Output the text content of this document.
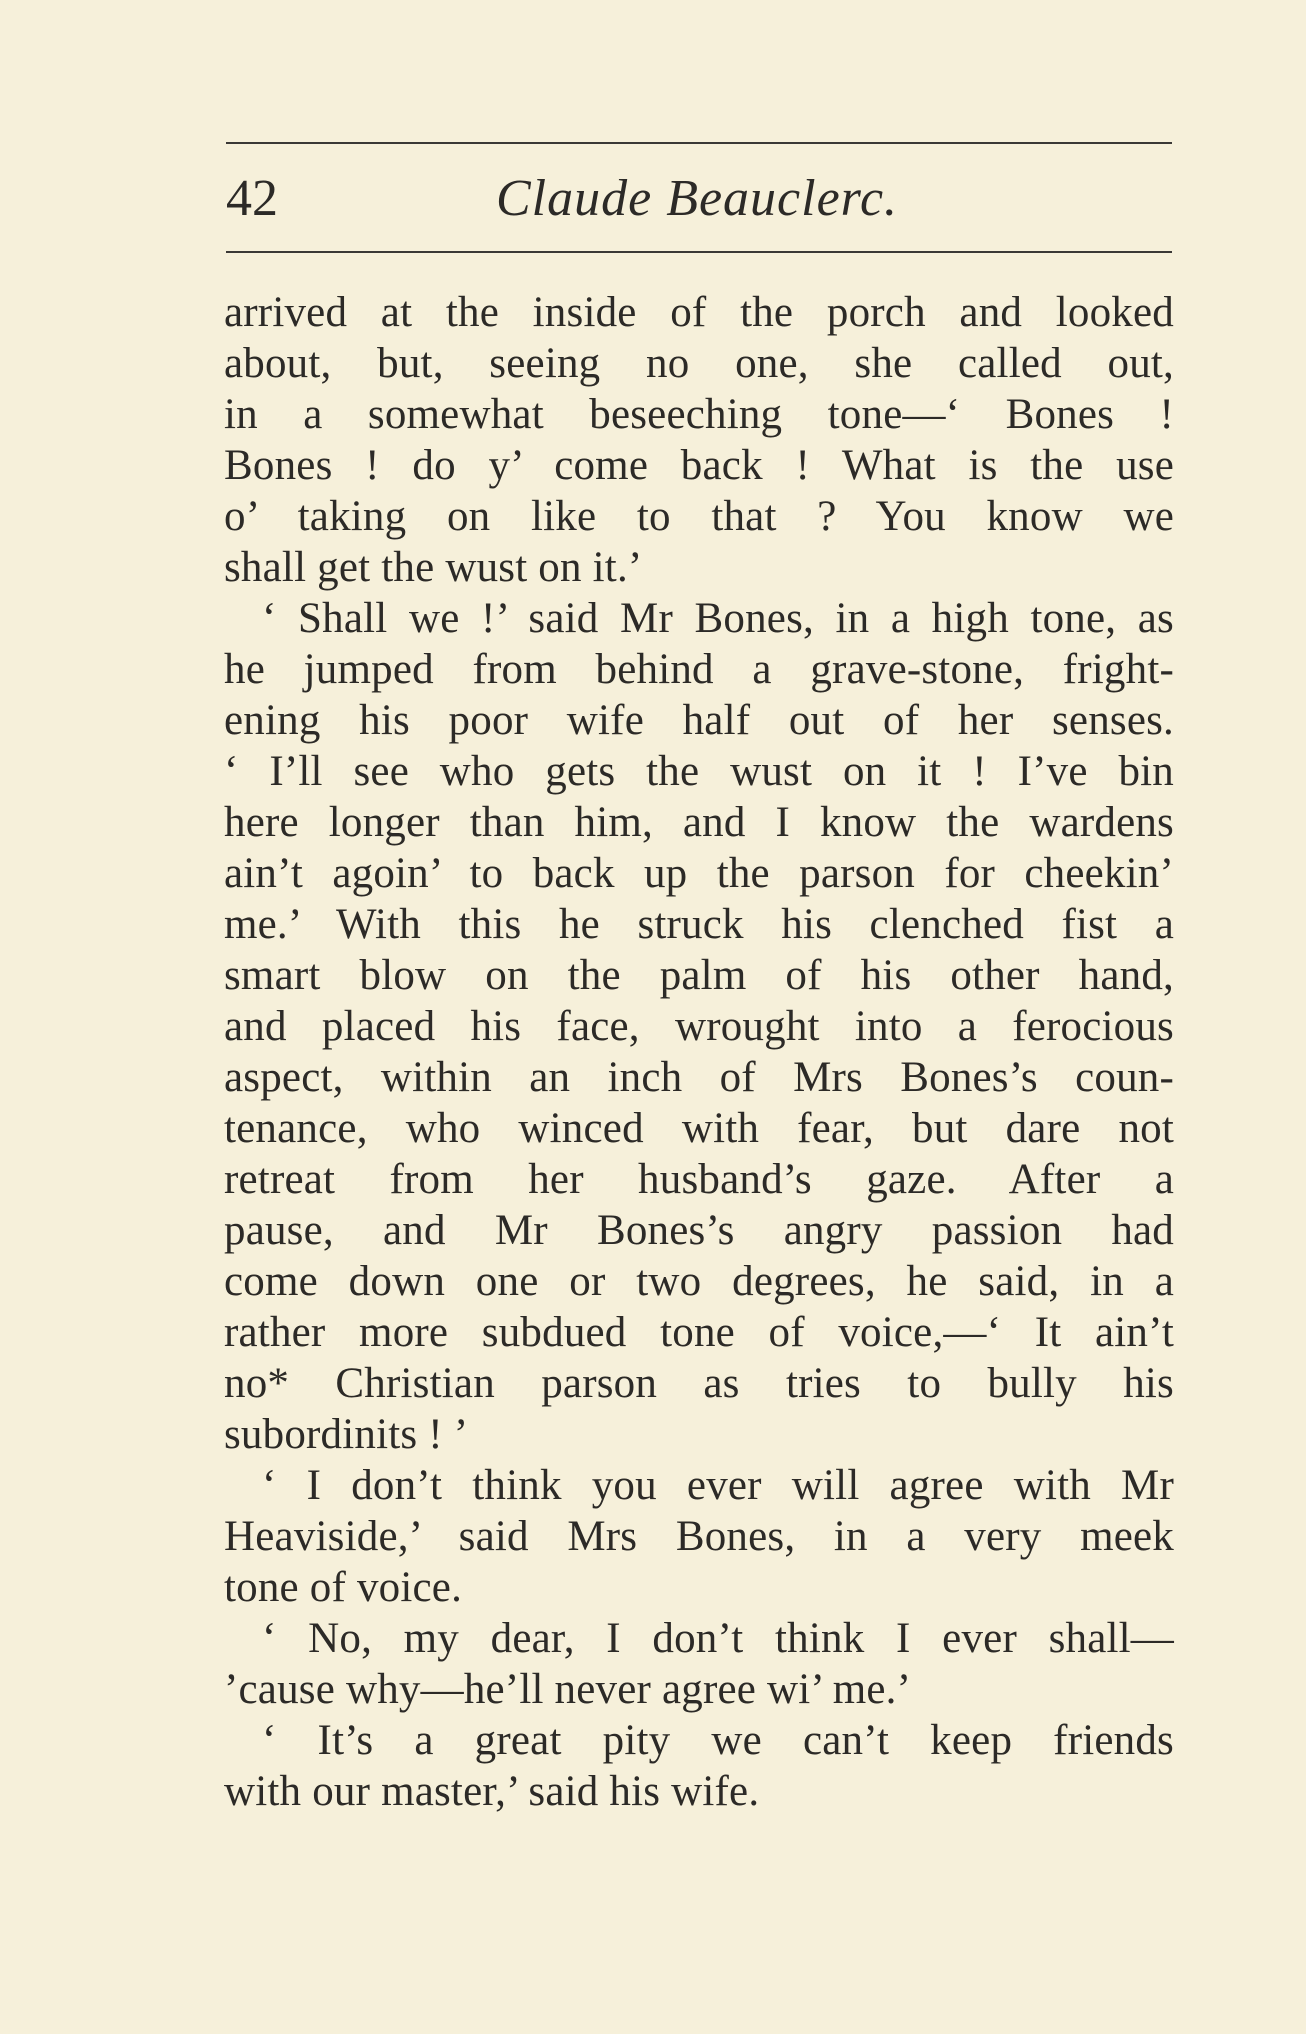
42	Claude Beauclerc.
arrived at the inside of the porch and looked
about, but, seeing no one, she called out,
in a somewhat beseeching tone—‘ Bones !
Bones ! do y’ come back ! What is the use
o’ taking on like to that ? You know we
shall get the wust on it.’
‘ Shall we !’ said Mr Bones, in a high tone, as
he jumped from behind a grave-stone, fright-
ening his poor wife half out of her senses.
‘ I’ll see who gets the wust on it ! I’ve bin
here longer than him, and I know the wardens
ain’t agoin’ to back up the parson for cheekin’
me.’ With this he struck his clenched fist a
smart blow on the palm of his other hand,
and placed his face, wrought into a ferocious
aspect, within an inch of Mrs Bones’s coun-
tenance, who winced with fear, but dare not
retreat from her husband’s gaze. After a
pause, and Mr Bones’s angry passion had
come down one or two degrees, he said, in a
rather more subdued tone of voice,—‘ It ain’t
no* Christian parson as tries to bully his
subordinits ! ’
‘ I don’t think you ever will agree with Mr
Heaviside,’ said Mrs Bones, in a very meek
tone of voice.
‘ No, my dear, I don’t think I ever shall—
’cause why—he’ll never agree wi’ me.’
‘ It’s a great pity we can’t keep friends
with our master,’ said his wife.
